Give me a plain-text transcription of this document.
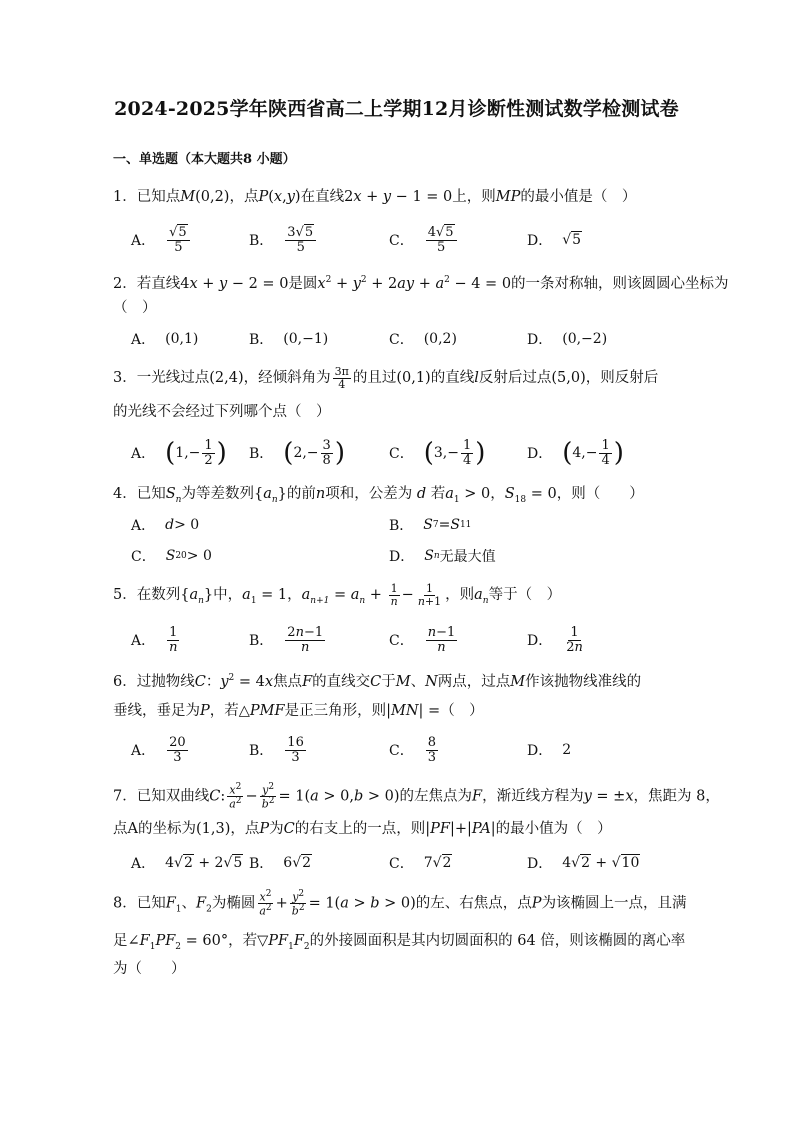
2024-2025学年陕西省高二上学期12月诊断性测试数学检测试卷
一、单选题（本大题共8 小题）
1．已知点M(0,2)，点P(x,y)在直线2x + y − 1 = 0上，则MP的最小值是（　）
A． $\frac{√5}{5}$	B． $\frac{3√5}{5}$	C． $\frac{4√5}{5}$	D． √5
2．若直线4x + y − 2 = 0是圆$x^2 + y^2 + 2ay + a^2 - 4 = 0$的一条对称轴，则该圆圆心坐标为
（　）
A． (0,1)	B． (0,−1)	C． (0,2)	D． (0,−2)
3．一光线过点(2,4)，经倾斜角为 $\frac{3\pi}{4}$ 的且过(0,1)的直线l反射后过点(5,0)，则反射后
的光线不会经过下列哪个点（　）
A． ( $1,- \frac{1}{2}$ ) B． ( $2,- \frac{3}{8}$ )	C． ( $3,- \frac{1}{4}$ )	D． ( $4,- \frac{1}{4}$ )
4．已知$S_n$为等差数列$\{a_n\}$的前n项和，公差为 d 若$a_1 > 0$，$S_{18} = 0$，则（　　）
A． d > 0	B． S 7 = S 11
C． S 20 > 0	D． S n 无最大值
5．在数列$\{a_n\}$中，$a_1 = 1$，$a_{n+1} = a_n + \frac{1}{n} - \frac{1}{n+1}$ ，则$a_n$等于（　）
A． $\frac{1}{n}$	B． $\frac{2n-1}{n}$	C． $\frac{n-1}{n}$	D． $\frac{1}{2n}$
6．过抛物线C：$y^2 = 4x$焦点F的直线交C于M、N两点，过点M作该抛物线准线的
垂线，垂足为P，若△PMF是正三角形，则|MN| =（　）
A． $\frac{20}{3}$	B． $\frac{16}{3}$	C． $\frac{8}{3}$	D． 2
7．已知双曲线C: $\frac{x^2}{a^2} - \frac{y^2}{b^2} = 1(a > 0,b > 0)$的左焦点为F，渐近线方程为y = ±x，焦距为 8，
点A的坐标为(1,3)，点P为C的右支上的一点，则|PF|+|PA|的最小值为（　）
A． 4√2 + 2√5 B． 6√2	C． 7√2	D． 4√2 + √10
8．已知$F_1$、$F_2$为椭圆 $\frac{x^2}{a^2} + \frac{y^2}{b^2} = 1(a > b > 0)$的左、右焦点，点P为该椭圆上一点，且满
足$\angle F_1PF_2 = 60^\circ$，若$▽PF_1F_2$的外接圆面积是其内切圆面积的 64 倍，则该椭圆的离心率
为（　　）
